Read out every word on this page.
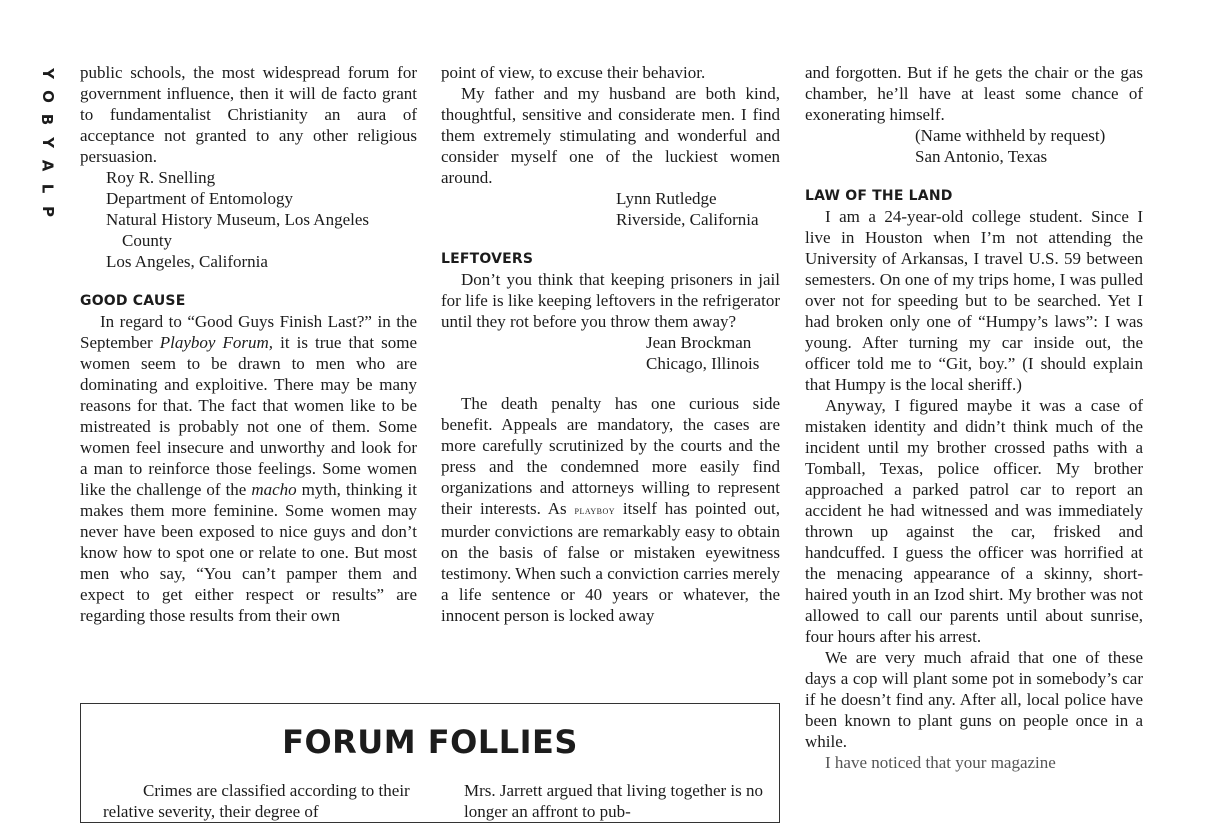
Y
O
B
Y
A
L
P

public schools, the most widespread forum for government influence, then it will de facto grant to fundamentalist Christianity an aura of acceptance not granted to any other religious persuasion.

Roy R. Snelling
Department of Entomology
Natural History Museum, Los Angeles
County
Los Angeles, California
GOOD CAUSE

In regard to “Good Guys Finish Last?” in the September Playboy Forum, it is true that some women seem to be drawn to men who are dominating and exploitive. There may be many reasons for that. The fact that women like to be mistreated is probably not one of them. Some women feel insecure and unworthy and look for a man to reinforce those feelings. Some women like the challenge of the macho myth, thinking it makes them more feminine. Some women may never have been exposed to nice guys and don’t know how to spot one or relate to one. But most men who say, “You can’t pamper them and expect to get either respect or results” are regarding those results from their own

point of view, to excuse their behavior.

My father and my husband are both kind, thoughtful, sensitive and considerate men. I find them extremely stimulating and wonderful and consider myself one of the luckiest women around.

Lynn Rutledge
Riverside, California
LEFTOVERS

Don’t you think that keeping prisoners in jail for life is like keeping leftovers in the refrigerator until they rot before you throw them away?

Jean Brockman
Chicago, Illinois

The death penalty has one curious side benefit. Appeals are mandatory, the cases are more carefully scrutinized by the courts and the press and the condemned more easily find organizations and attorneys willing to represent their interests. As playboy itself has pointed out, murder convictions are remarkably easy to obtain on the basis of false or mistaken eyewitness testimony. When such a conviction carries merely a life sentence or 40 years or whatever, the innocent person is locked away

and forgotten. But if he gets the chair or the gas chamber, he’ll have at least some chance of exonerating himself.

(Name withheld by request)
San Antonio, Texas
LAW OF THE LAND

I am a 24-year-old college student. Since I live in Houston when I’m not attending the University of Arkansas, I travel U.S. 59 between semesters. On one of my trips home, I was pulled over not for speeding but to be searched. Yet I had broken only one of “Humpy’s laws”: I was young. After turning my car inside out, the officer told me to “Git, boy.” (I should explain that Humpy is the local sheriff.)

Anyway, I figured maybe it was a case of mistaken identity and didn’t think much of the incident until my brother crossed paths with a Tomball, Texas, police officer. My brother approached a parked patrol car to report an accident he had witnessed and was immediately thrown up against the car, frisked and handcuffed. I guess the officer was horrified at the menacing appearance of a skinny, short-haired youth in an Izod shirt. My brother was not allowed to call our parents until about sunrise, four hours after his arrest.

We are very much afraid that one of these days a cop will plant some pot in somebody’s car if he doesn’t find any. After all, local police have been known to plant guns on people once in a while.

I have noticed that your magazine

FORUM FOLLIES
Crimes are classified according to their relative severity, their degree of
Mrs. Jarrett argued that living together is no longer an affront to pub-
